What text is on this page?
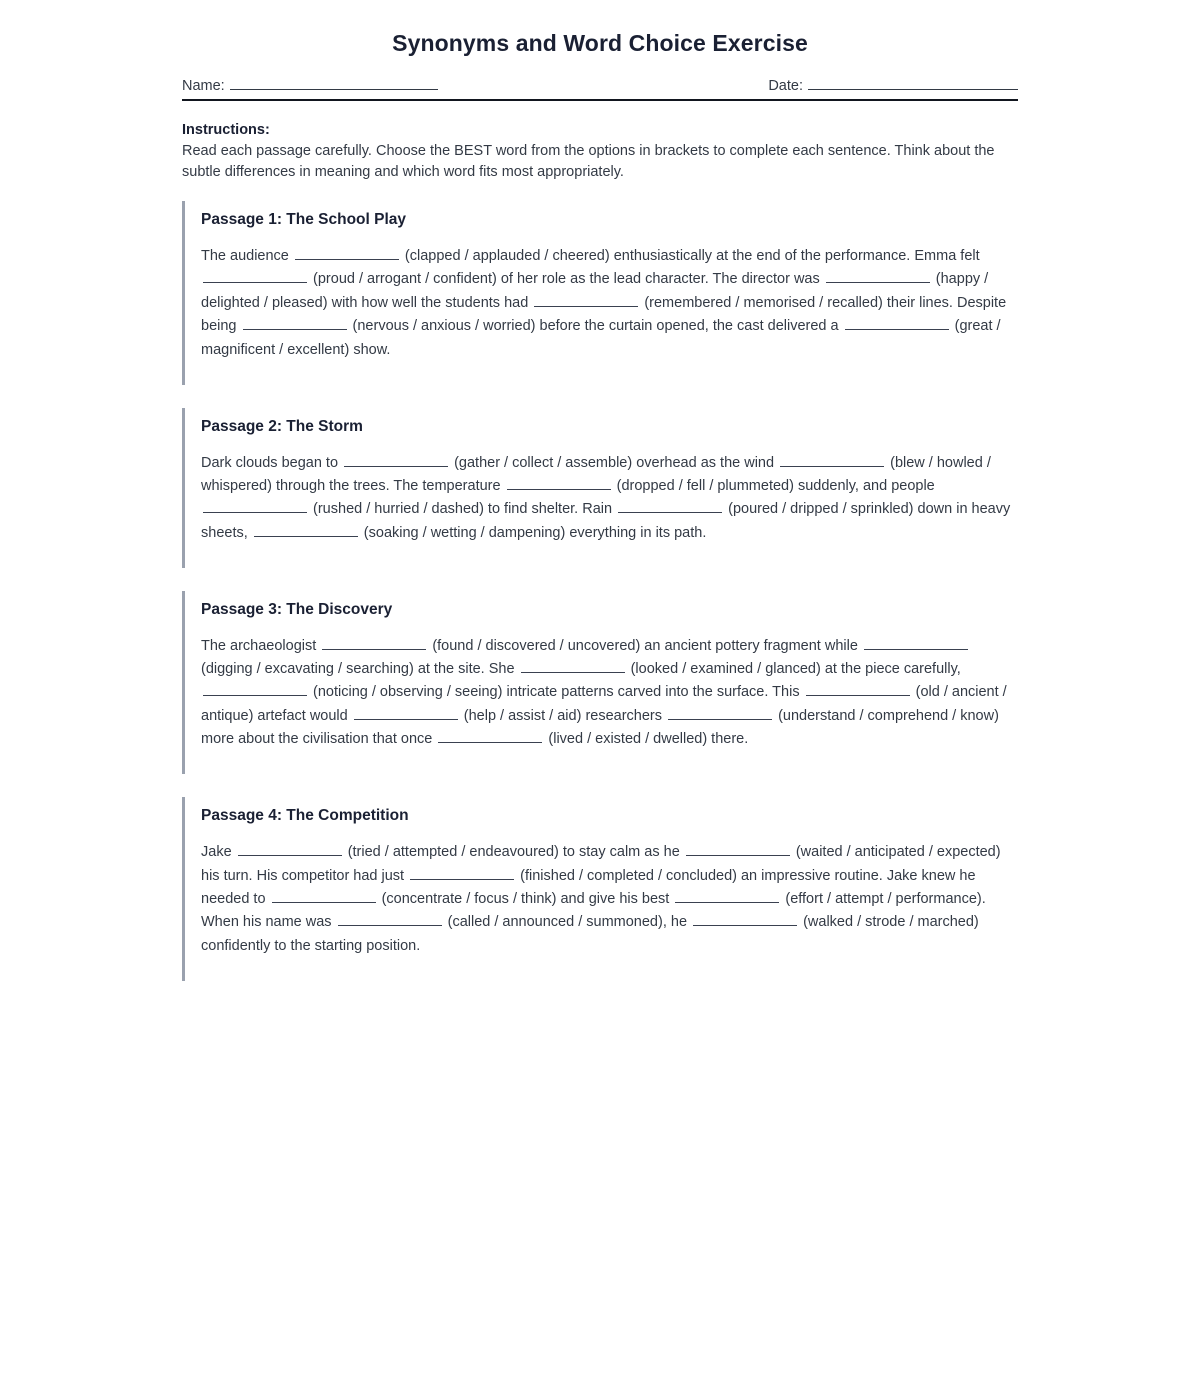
Synonyms and Word Choice Exercise
Name:	Date:
Instructions:
Read each passage carefully. Choose the BEST word from the options in brackets to complete each sentence. Think about the subtle differences in meaning and which word fits most appropriately.
Passage 1: The School Play

The audience	(clapped / applauded / cheered) enthusiastically at the end of the performance. Emma felt  (proud / arrogant / confident) of her role as the lead character. The director was	(happy / delighted / pleased) with how well the students had	(remembered / memorised / recalled) their lines. Despite being	(nervous / anxious / worried) before the curtain opened, the cast delivered a	(great / magnificent / excellent) show.

Passage 2: The Storm

Dark clouds began to	(gather / collect / assemble) overhead as the wind	(blew / howled / whispered) through the trees. The temperature	(dropped / fell / plummeted) suddenly, and people  (rushed / hurried / dashed) to find shelter. Rain	(poured / dripped / sprinkled) down in heavy sheets,	(soaking / wetting / dampening) everything in its path.

Passage 3: The Discovery

The archaeologist	(found / discovered / uncovered) an ancient pottery fragment while  (digging / excavating / searching) at the site. She	(looked / examined / glanced) at the piece carefully,  (noticing / observing / seeing) intricate patterns carved into the surface. This	(old / ancient / antique) artefact would	(help / assist / aid) researchers	(understand / comprehend / know) more about the civilisation that once	(lived / existed / dwelled) there.

Passage 4: The Competition

Jake	(tried / attempted / endeavoured) to stay calm as he	(waited / anticipated / expected) his turn. His competitor had just	(finished / completed / concluded) an impressive routine. Jake knew he needed to	(concentrate / focus / think) and give his best	(effort / attempt / performance). When his name was	(called / announced / summoned), he	(walked / strode / marched) confidently to the starting position.
